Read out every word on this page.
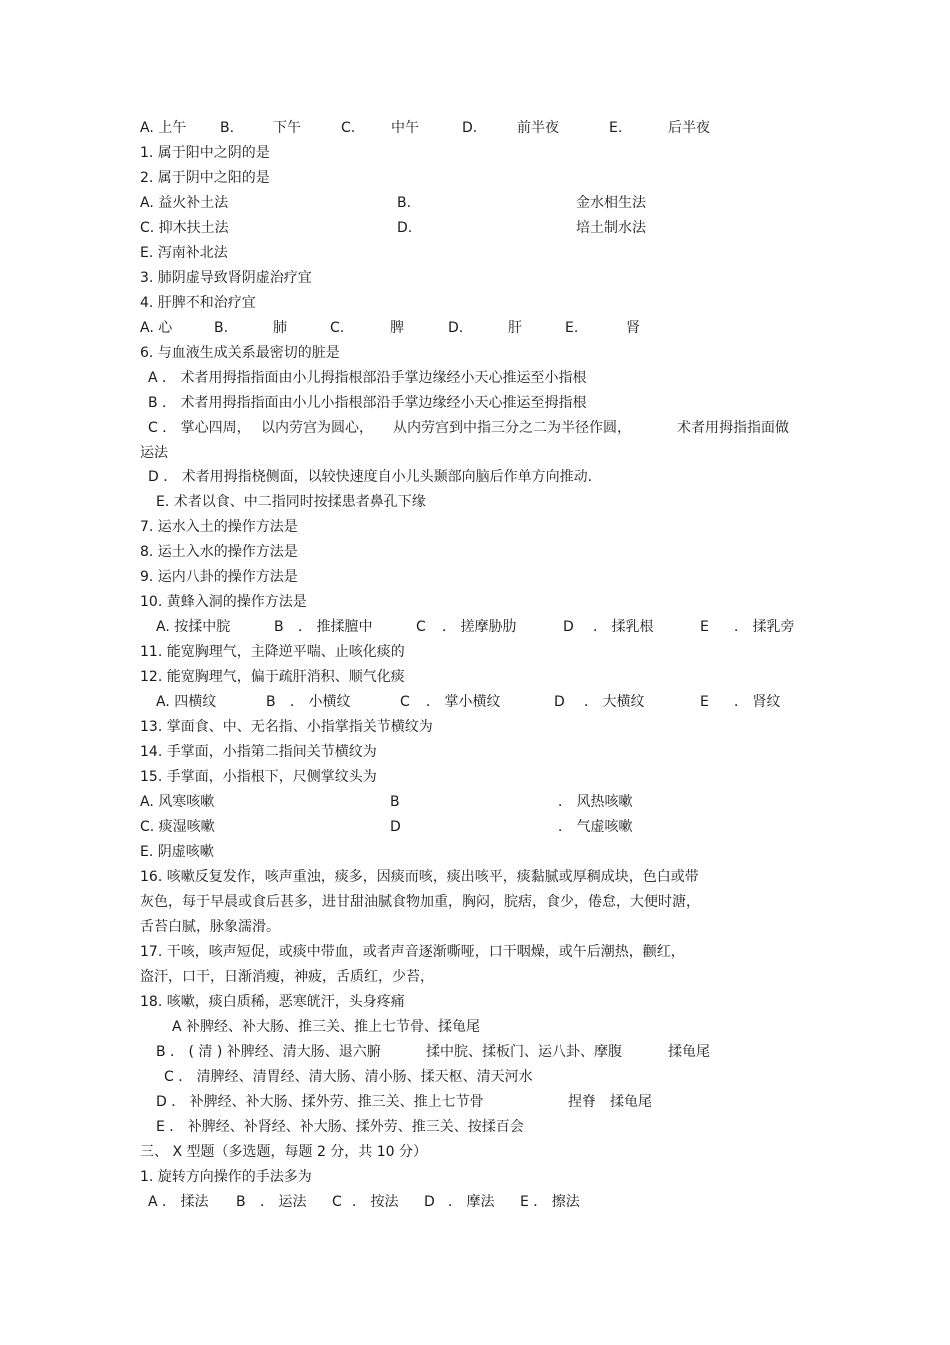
A. 上午 B.	下午	C.	中午	D.	前半夜	E.	后半夜
1. 属于阳中之阴的是
2. 属于阴中之阳的是
A. 益火补土法	B.	金水相生法
C. 抑木扶土法	D.	培土制水法
E. 泻南补北法
3. 肺阴虚导致肾阴虚治疗宜
4. 肝脾不和治疗宜
A. 心	B.	肺	C.	脾	D.	肝	E.	肾
6. 与血液生成关系最密切的脏是
A ． 术者用拇指指面由小儿拇指根部沿手掌边缘经小天心推运至小指根
B ． 术者用拇指指面由小儿小指根部沿手掌边缘经小天心推运至拇指根
C ． 掌心四周， 以内劳宫为圆心， 从内劳宫到中指三分之二为半径作圆，	术者用拇指指面做
运法
D ． 术者用拇指桡侧面，以较快速度自小儿头颞部向脑后作单方向推动.
E. 术者以食、中二指同时按揉患者鼻孔下缘
7. 运水入土的操作方法是
8. 运土入水的操作方法是
9. 运内八卦的操作方法是
10. 黄蜂入洞的操作方法是
A. 按揉中脘	B ． 推揉膻中	C ． 搓摩胁肋	D ． 揉乳根	E ． 揉乳旁
11. 能宽胸理气，主降逆平喘、止咳化痰的
12. 能宽胸理气，偏于疏肝消积、顺气化痰
A. 四横纹	B ． 小横纹	C ． 掌小横纹	D ． 大横纹	E ． 肾纹
13. 掌面食、中、无名指、小指掌指关节横纹为
14. 手掌面，小指第二指间关节横纹为
15. 手掌面，小指根下，尺侧掌纹头为
A. 风寒咳嗽	B	． 风热咳嗽
C. 痰湿咳嗽	D	． 气虚咳嗽
E. 阴虚咳嗽
16. 咳嗽反复发作，咳声重浊，痰多，因痰而咳，痰出咳平，痰黏腻或厚稠成块，色白或带
灰色，每于早晨或食后甚多，进甘甜油腻食物加重，胸闷，脘痞，食少，倦怠，大便时溏，
舌苔白腻，脉象濡滑。
17. 干咳，咳声短促，或痰中带血，或者声音逐渐嘶哑，口干咽燥，或午后潮热，颧红，
盗汗，口干，日渐消瘦，神疲，舌质红，少苔，
18. 咳嗽，痰白质稀，恶寒㿠汗，头身疼痛
A 补脾经、补大肠、推三关、推上七节骨、揉龟尾
B ． ( 清 ) 补脾经、清大肠、退六腑	揉中脘、揉板门、运八卦、摩腹	揉龟尾
C ． 清脾经、清胃经、清大肠、清小肠、揉天枢、清天河水
D ． 补脾经、补大肠、揉外劳、推三关、推上七节骨	捏脊 揉龟尾
E ． 补脾经、补肾经、补大肠、揉外劳、推三关、按揉百会
三、 X 型题（多选题，每题 2 分，共 10 分）
1. 旋转方向操作的手法多为
A ． 揉法 B ． 运法 C ． 按法 D ． 摩法 E ． 擦法
